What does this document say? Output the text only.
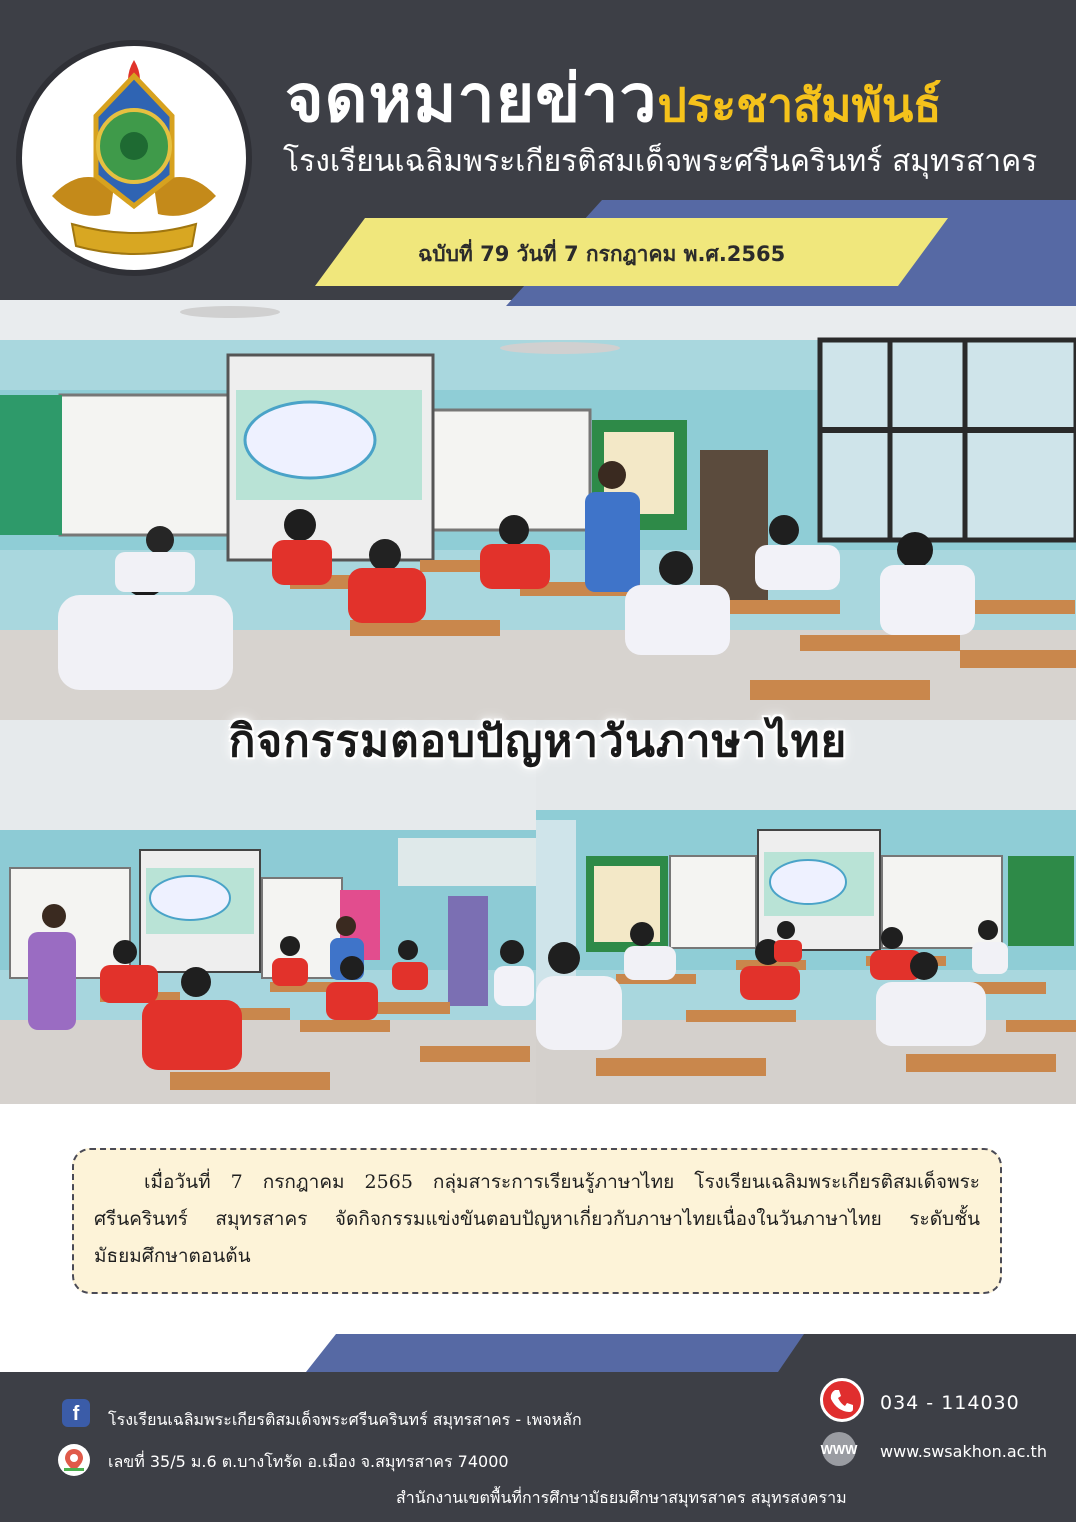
จดหมายข่าวประชาสัมพันธ์
โรงเรียนเฉลิมพระเกียรติสมเด็จพระศรีนครินทร์ สมุทรสาคร
ฉบับที่ 79 วันที่ 7 กรกฎาคม พ.ศ.2565
กิจกรรมตอบปัญหาวันภาษาไทย

เมื่อวันที่ 7 กรกฎาคม 2565 กลุ่มสาระการเรียนรู้ภาษาไทย โรงเรียนเฉลิมพระเกียรติสมเด็จพระศรีนครินทร์ สมุทรสาคร จัดกิจกรรมแข่งขันตอบปัญหาเกี่ยวกับภาษาไทยเนื่องในวันภาษาไทย ระดับชั้นมัธยมศึกษาตอนต้น

f	โรงเรียนเฉลิมพระเกียรติสมเด็จพระศรีนครินทร์ สมุทรสาคร - เพจหลัก
เลขที่ 35/5 ม.6 ต.บางโทรัด อ.เมือง จ.สมุทรสาคร 74000
034 - 114030
WWW www.swsakhon.ac.th
สำนักงานเขตพื้นที่การศึกษามัธยมศึกษาสมุทรสาคร สมุทรสงคราม
